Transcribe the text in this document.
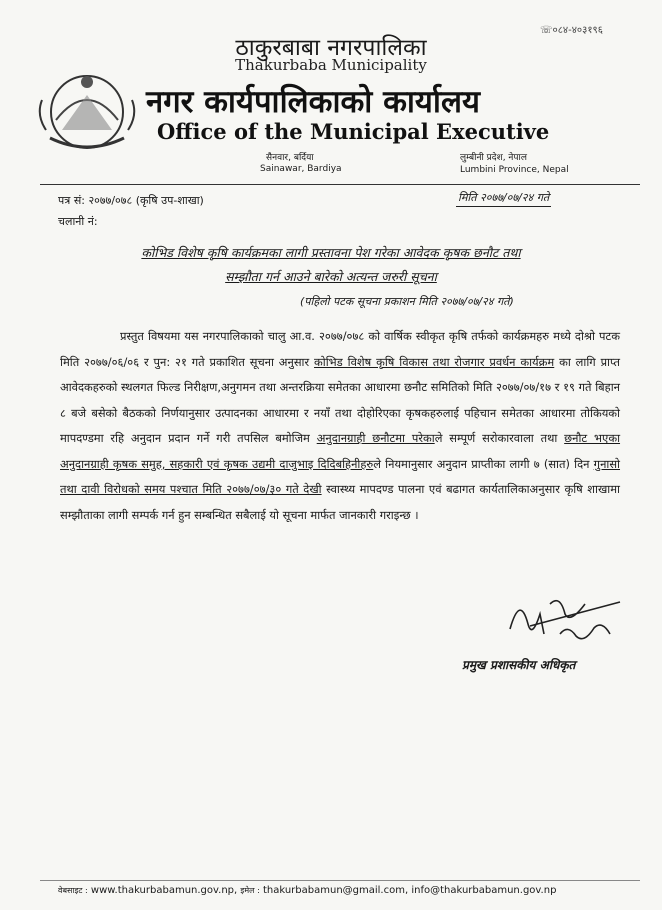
☏०८४-४०३१९६
ठाकुरबाबा नगरपालिका
Thakurbaba Municipality
नगर कार्यपालिकाको कार्यालय
Office of the Municipal Executive
सैनवार, बर्दिया
Sainawar, Bardiya
लुम्बीनी प्रदेश, नेपाल
Lumbini Province, Nepal
पत्र सं: २०७७/०७८ (कृषि उप-शाखा)	मिति २०७७/०७/२४ गते
चलानी नं:
कोभिड विशेष कृषि कार्यक्रमका लागी प्रस्तावना पेश गरेका आवेदक कृषक छनौट तथा
सम्झौता गर्न आउने बारेको अत्यन्त जरुरी सूचना
(पहिलो पटक सूचना प्रकाशन मिति २०७७/०७/२४ गते)

प्रस्तुत विषयमा यस नगरपालिकाको चालु आ.व. २०७७/०७८ को वार्षिक स्वीकृत कृषि तर्फको कार्यक्रमहरु मध्ये दोश्रो पटक मिति २०७७/०६/०६ र पुन: २१ गते प्रकाशित सूचना अनुसार कोभिड विशेष कृषि विकास तथा रोजगार प्रवर्धन कार्यक्रम का लागि प्राप्त आवेदकहरुको स्थलगत फिल्ड निरीक्षण,अनुगमन तथा अन्तरक्रिया समेतका आधारमा छनौट समितिको मिति २०७७/०७/१७ र १९ गते बिहान ८ बजे बसेको बैठकको निर्णयानुसार उत्पादनका आधारमा र नयाँ तथा दोहोरिएका कृषकहरुलाई पहिचान समेतका आधारमा तोकियको मापदण्डमा रहि अनुदान प्रदान गर्ने गरी तपसिल बमोजिम अनुदानग्राही छनौटमा परेकाले सम्पूर्ण सरोकारवाला तथा छनौट भएका अनुदानग्राही कृषक समुह, सहकारी एवं कृषक उद्यमी दाजुभाइ दिदिबहिनीहरुले नियमानुसार अनुदान प्राप्तीका लागी ७ (सात) दिन गुनासो तथा दावी विरोधको समय पश्चात मिति २०७७/०७/३० गते देखी स्वास्थ्य मापदण्ड पालना एवं बढागत कार्यतालिकाअनुसार कृषि शाखामा सम्झौताका लागी सम्पर्क गर्न हुन सम्बन्धित सबैलाई यो सूचना मार्फत जानकारी गराइन्छ ।

प्रमुख प्रशासकीय अधिकृत
वेबसाइट : www.thakurbabamun.gov.np, इमेल : thakurbabamun@gmail.com, info@thakurbabamun.gov.np
